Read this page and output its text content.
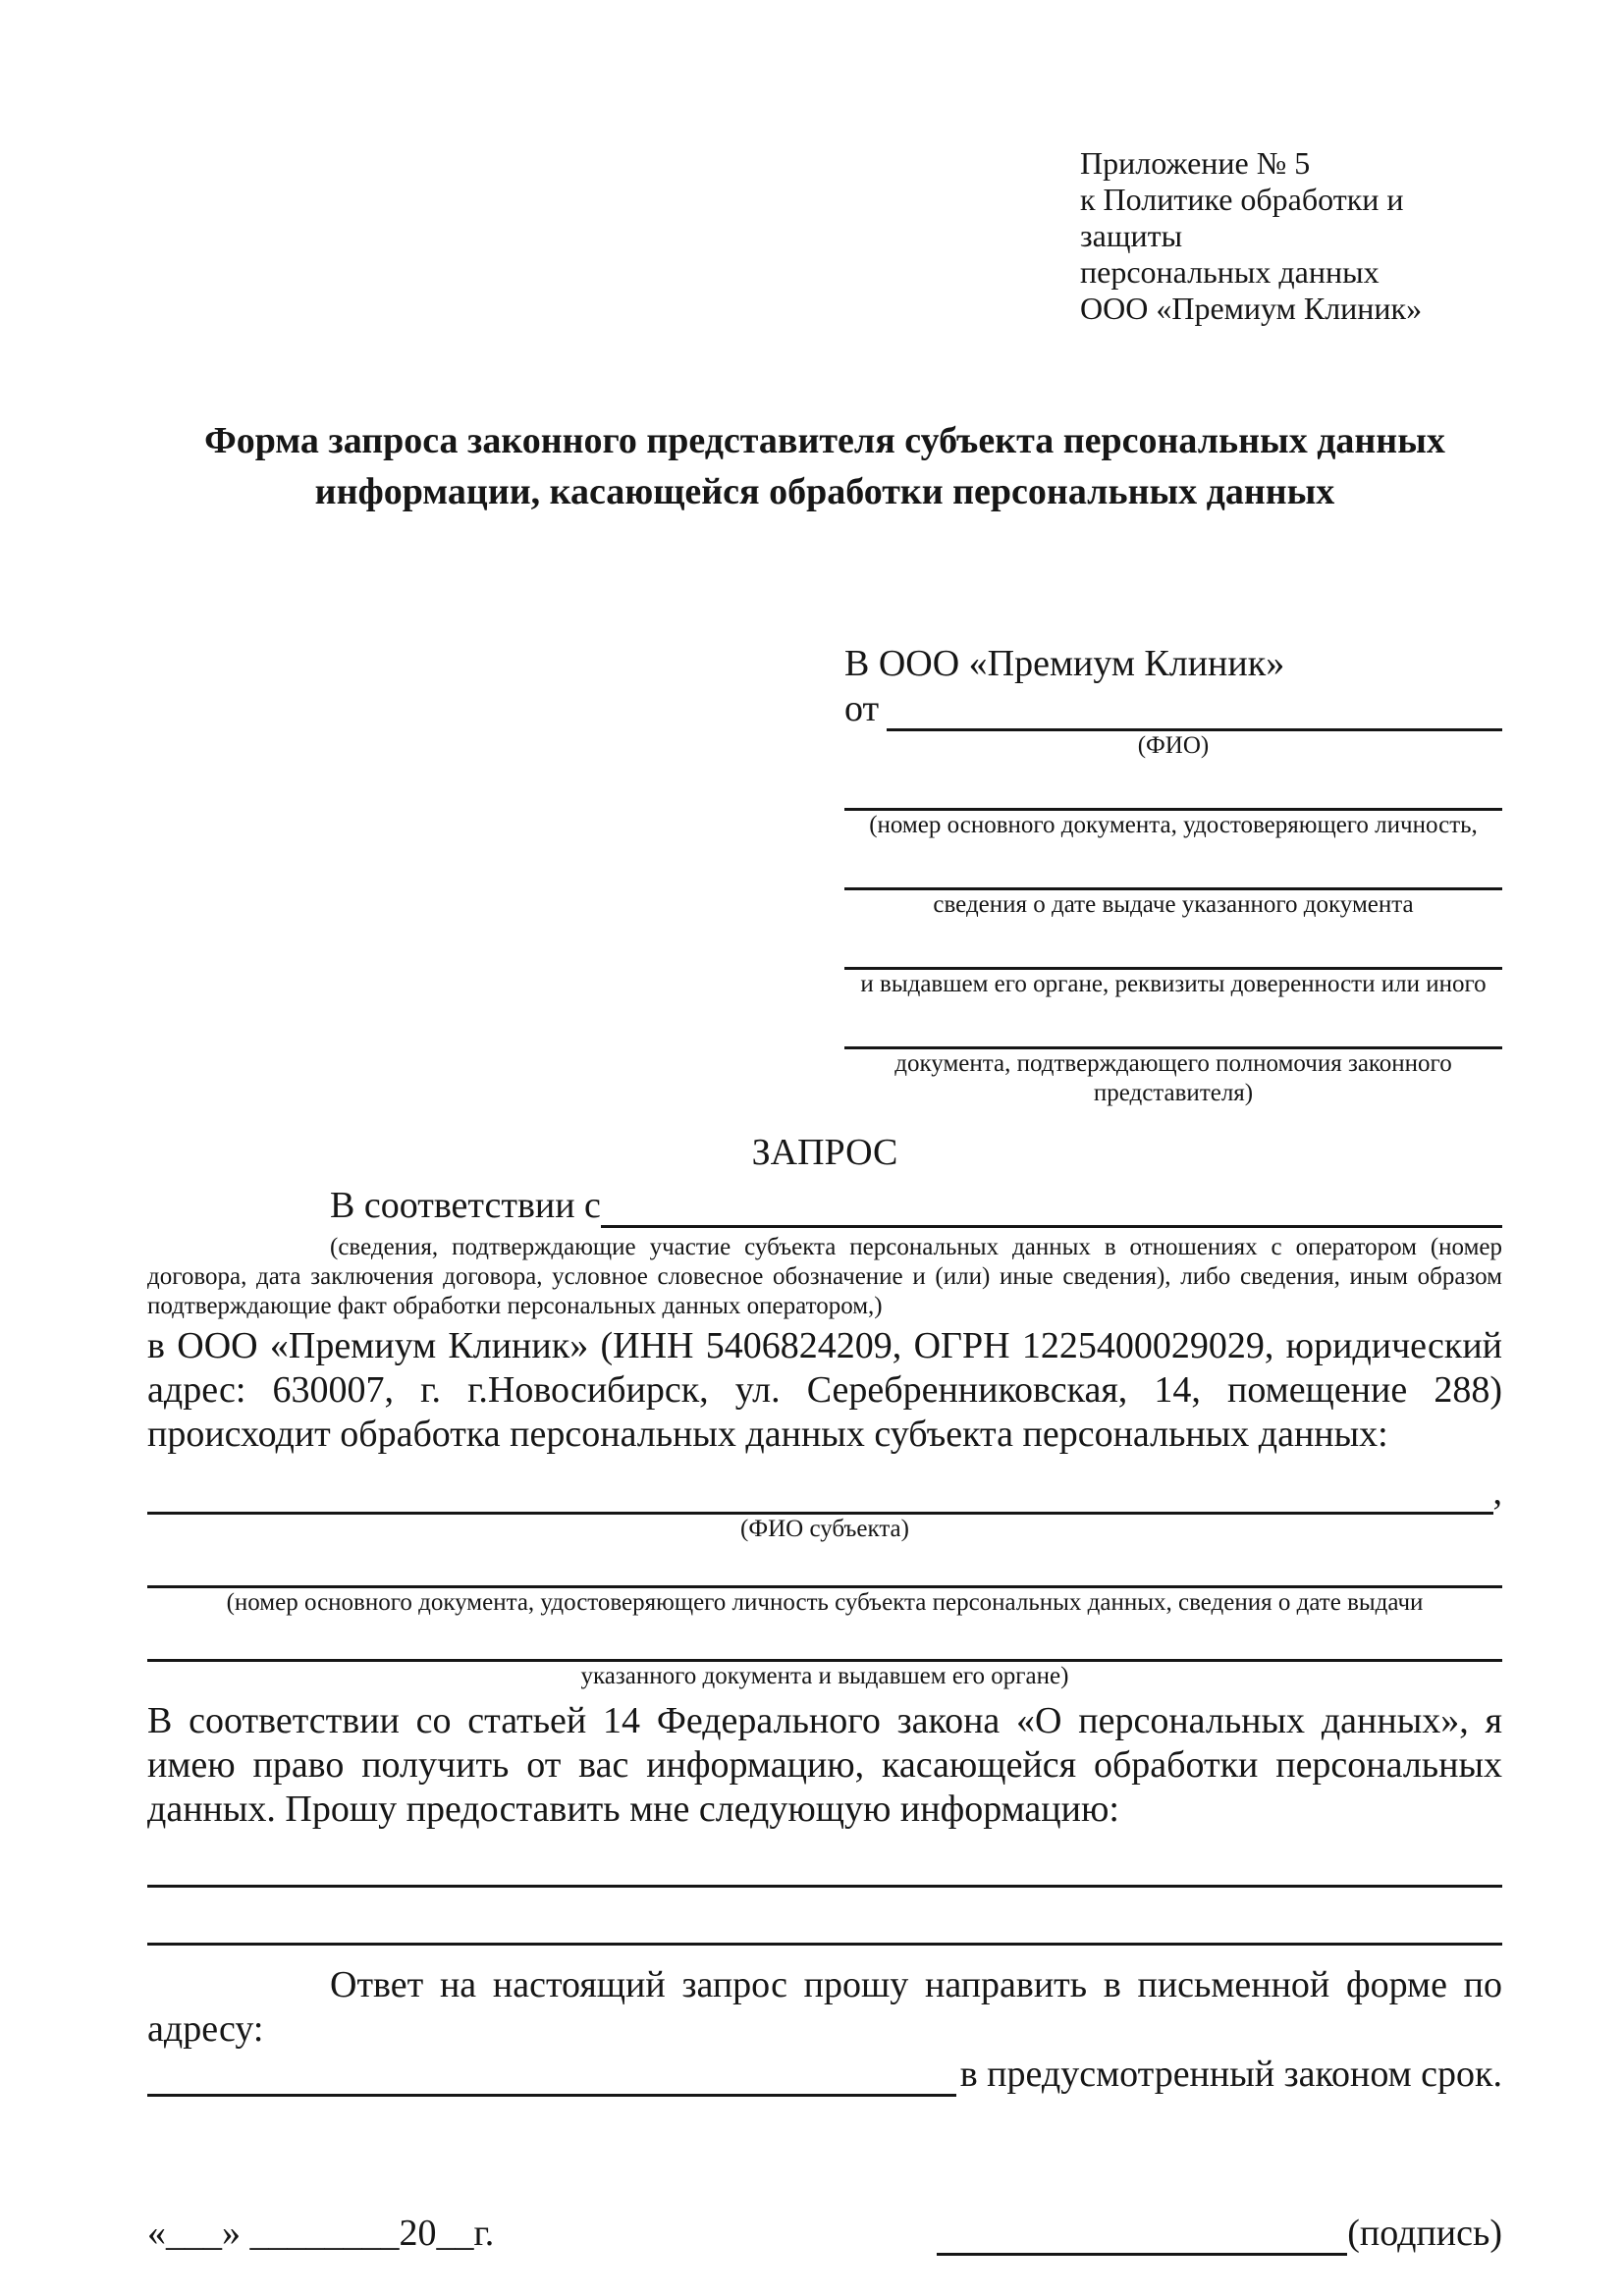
Приложение № 5
к Политике обработки и защиты
персональных данных
ООО «Премиум Клиник»
Форма запроса законного представителя субъекта персональных данных
информации, касающейся обработки персональных данных
В ООО «Премиум Клиник»
от
(ФИО)
(номер основного документа, удостоверяющего личность,
сведения о дате выдаче указанного документа
и выдавшем его органе, реквизиты доверенности или иного
документа, подтверждающего полномочия законного представителя)
ЗАПРОС
В соответствии с
(сведения, подтверждающие участие субъекта персональных данных в отношениях с оператором (номер договора, дата заключения договора, условное словесное обозначение и (или) иные сведения), либо сведения, иным образом подтверждающие факт обработки персональных данных оператором,)
в ООО «Премиум Клиник» (ИНН 5406824209, ОГРН 1225400029029, юридический адрес: 630007, г. г.Новосибирск, ул. Серебренниковская, 14, помещение 288) происходит обработка персональных данных субъекта персональных данных:
,
(ФИО субъекта)
(номер основного документа, удостоверяющего личность субъекта персональных данных, сведения о дате выдачи
указанного документа и выдавшем его органе)
В соответствии со статьей 14 Федерального закона «О персональных данных», я имею право получить от вас информацию, касающейся обработки персональных данных. Прошу предоставить мне следующую информацию:
Ответ на настоящий запрос прошу направить в письменной форме по адресу:
в предусмотренный законом срок.
«___» ________20__г.	(подпись)
